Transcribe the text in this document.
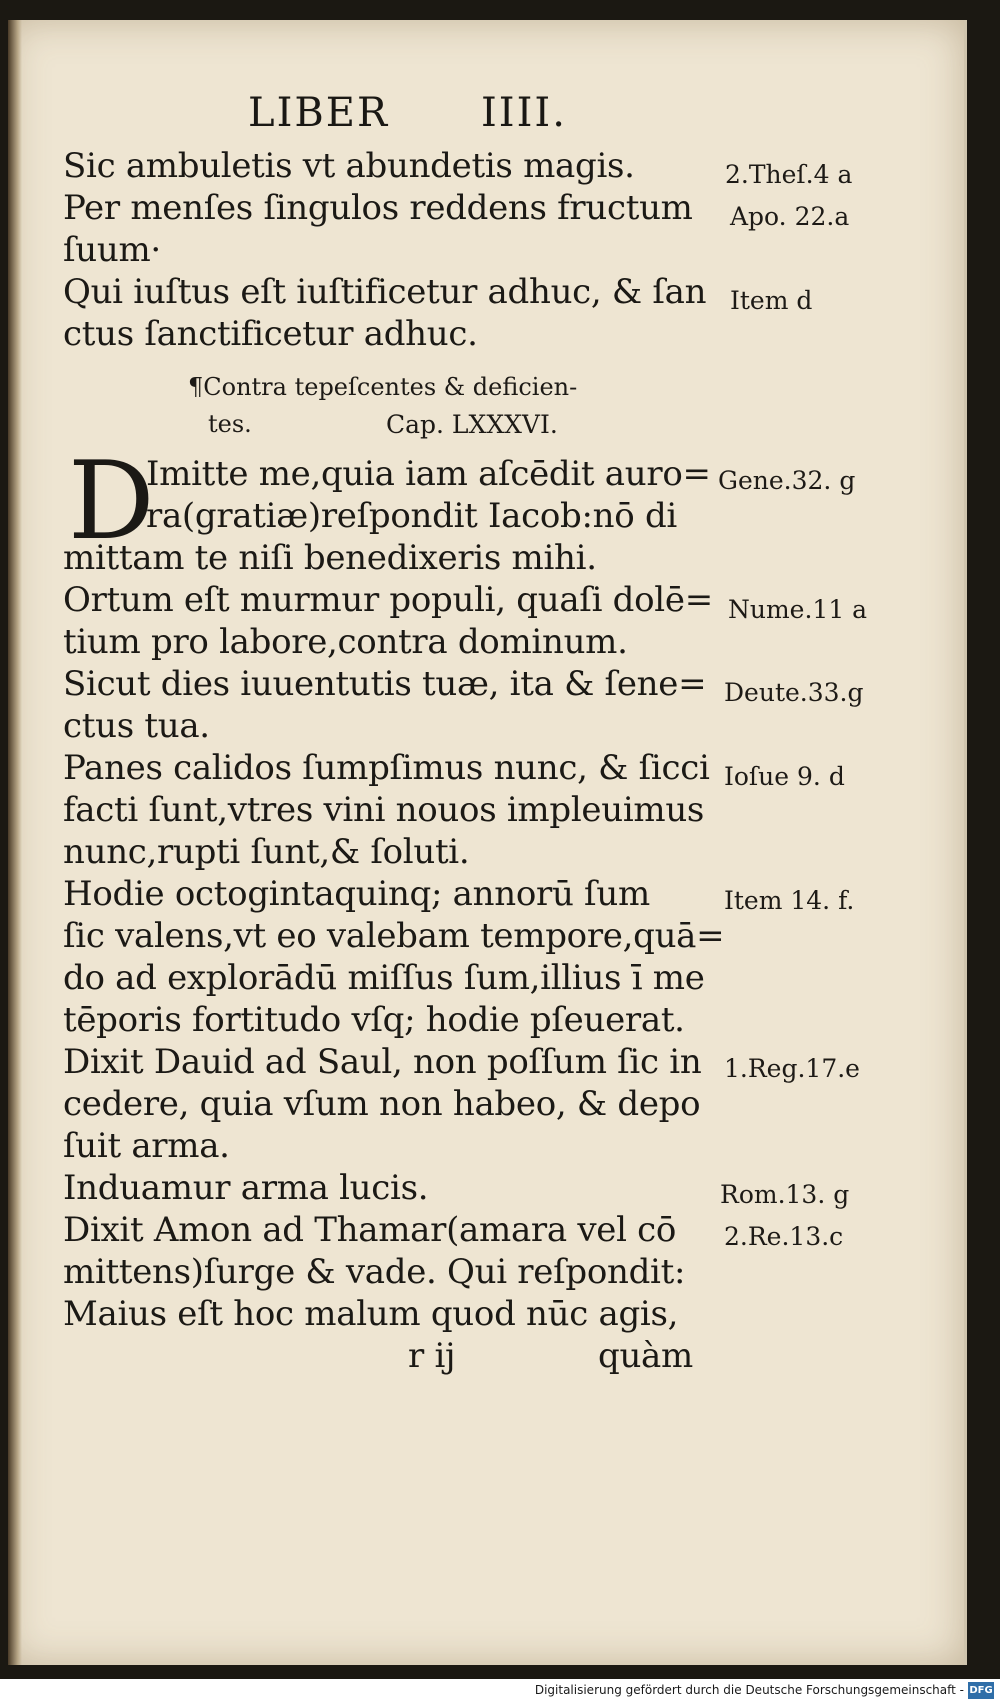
LIBER IIII.
Sic ambuletis vt abundetis magis.
Per menſes ſingulos reddens fructum
ſuum·
Qui iuſtus eſt iuſtificetur adhuc, & ſan
ctus ſanctificetur adhuc.
¶Contra tepeſcentes & deficien-
tes.	Cap. LXXXVI.
D
Imitte me,quia iam aſcēdit auro=
ra(gratiæ)reſpondit Iacob:nō di
mittam te niſi benedixeris mihi.
Ortum eſt murmur populi, quaſi dolē=
tium pro labore,contra dominum.
Sicut dies iuuentutis tuæ, ita & ſene=
ctus tua.
Panes calidos ſumpſimus nunc, & ſicci
facti ſunt,vtres vini nouos impleuimus
nunc,rupti ſunt,& ſoluti.
Hodie octogintaquinq; annorū ſum
ſic valens,vt eo valebam tempore,quā=
do ad explorādū miſſus ſum,illius ī me
tēporis fortitudo vſq; hodie pſeuerat.
Dixit Dauid ad Saul, non poſſum ſic in
cedere, quia vſum non habeo, & depo
ſuit arma.
Induamur arma lucis.
Dixit Amon ad Thamar(amara vel cō
mittens)ſurge & vade. Qui reſpondit:
Maius eſt hoc malum quod nūc agis,
r ij	quàm
2.Theſ.4 a
Apo. 22.a
Item d
Gene.32. g
Nume.11 a
Deute.33.g
Ioſue 9. d
Item 14. f.
1.Reg.17.e
Rom.13. g
2.Re.13.c
Digitalisierung gefördert durch die Deutsche Forschungsgemeinschaft - DFG
